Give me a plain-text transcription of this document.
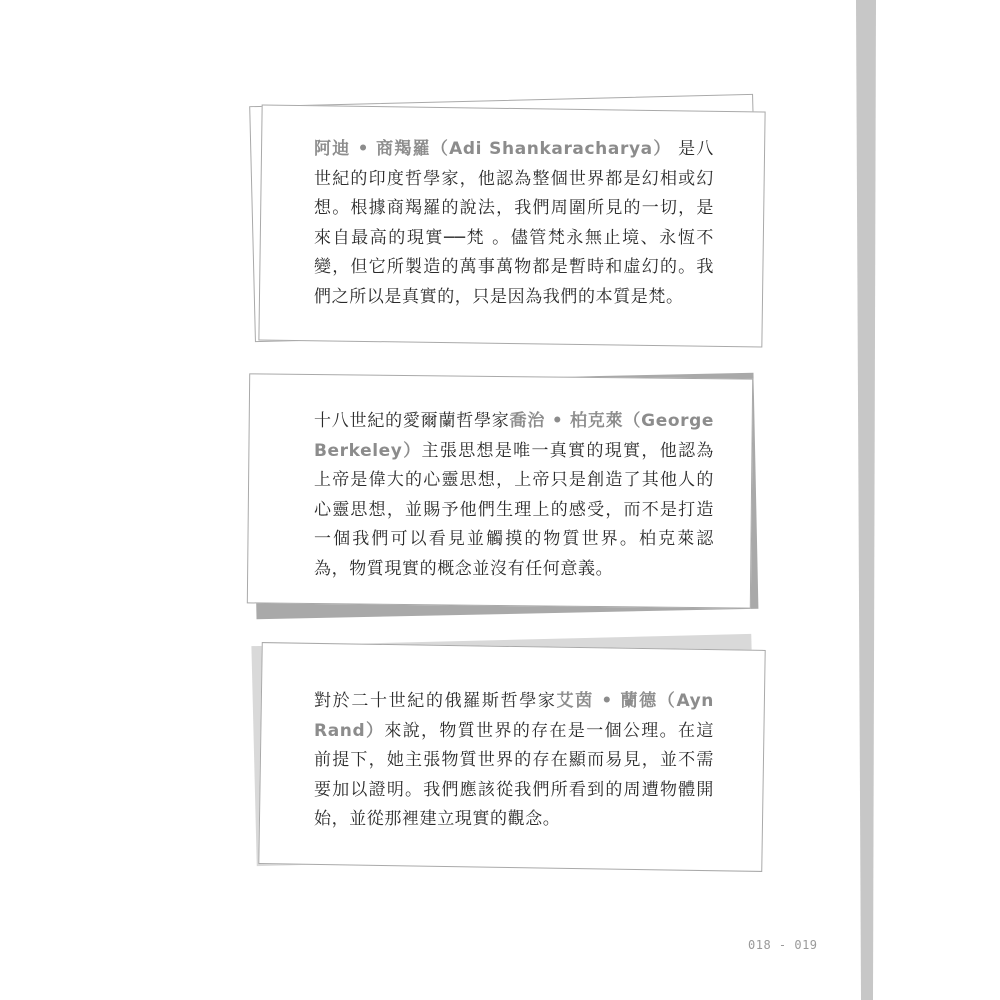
阿迪 • 商羯羅（Adi Shankaracharya） 是八世紀的印度哲學家，他認為整個世界都是幻相或幻想。根據商羯羅的說法，我們周圍所見的一切，是來自最高的現實──梵 。儘管梵永無止境、永恆不變，但它所製造的萬事萬物都是暫時和虛幻的。我們之所以是真實的，只是因為我們的本質是梵。
十八世紀的愛爾蘭哲學家喬治 • 柏克萊（George Berkeley）主張思想是唯一真實的現實，他認為上帝是偉大的心靈思想，上帝只是創造了其他人的心靈思想，並賜予他們生理上的感受，而不是打造一個我們可以看見並觸摸的物質世界。柏克萊認為，物質現實的概念並沒有任何意義。
對於二十世紀的俄羅斯哲學家艾茵 • 蘭德（Ayn Rand）來說，物質世界的存在是一個公理。在這前提下，她主張物質世界的存在顯而易見，並不需要加以證明。我們應該從我們所看到的周遭物體開始，並從那裡建立現實的觀念。
018 - 019
